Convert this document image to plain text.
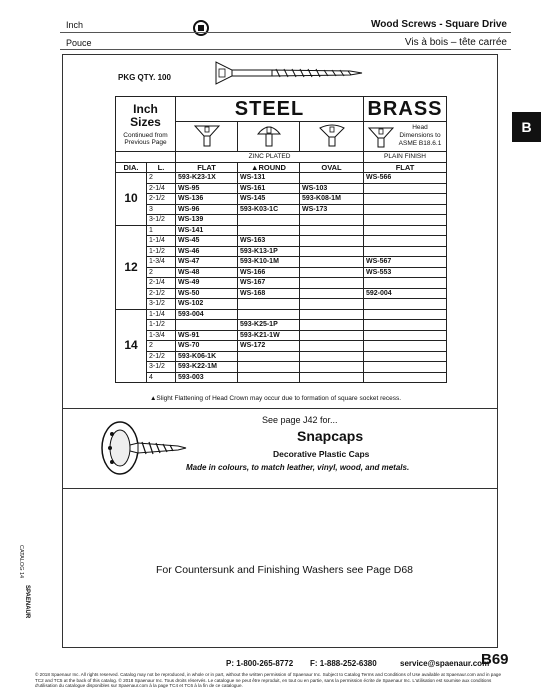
Inch
Pouce
Wood Screws - Square Drive
Vis à bois – tête carrée
B
PKG QTY. 100
Inch Sizes
Continued from Previous Page		STEEL			BRASS

Head Dimensions to ASME B18.6.1

		ZINC PLATED			PLAIN FINISH
DIA.	L.	FLAT	▲ROUND	OVAL	FLAT
10	2	593-K23-1X	WS-131		WS-566
	2-1/4	WS-95	WS-161	WS-103	
	2-1/2	WS-136	WS-145	593-K08-1M	
	3	WS-96	593-K03-1C	WS-173	
	3-1/2	WS-139			
12	1	WS-141			
	1-1/4	WS-45	WS-163		
	1-1/2	WS-46	593-K13-1P		
	1-3/4	WS-47	593-K10-1M		WS-567
	2	WS-48	WS-166		WS-553
	2-1/4	WS-49	WS-167		
	2-1/2	WS-50	WS-168		592-004
	3-1/2	WS-102			
14	1-1/4	593-004			
	1-1/2		593-K25-1P		
	1-3/4	WS-91	593-K21-1W		
	2	WS-70	WS-172		
	2-1/2	593-K06-1K			
	3-1/2	593-K22-1M			
	4	593-003			
▲Slight Flattening of Head Crown may occur due to formation of square socket recess.
See page J42 for...
Snapcaps
Decorative Plastic Caps
Made in colours, to match leather, vinyl, wood, and metals.
For Countersunk and Finishing Washers see Page D68
CATALOG 14
SPAENAUR
P: 1-800-265-8772 F: 1-888-252-6380	service@spaenaur.com
B69
© 2018 Spaenaur Inc. All rights reserved. Catalog may not be reproduced, in whole or in part, without the written permission of Spaenaur Inc. Subject to Catalog Terms and Conditions of Use available at Spaenaur.com and in page TC2 and TC5 at the back of this catalog. © 2018 Spaenaur Inc. Tous droits réservés. Le catalogue ne peut être reproduit, en tout ou en partie, sans la permission écrite de Spaenaur Inc. L'utilisation est soumise aux conditions d'utilisation du catalogue disponibles sur Spaenaur.com à la page TC4 et TC6 à la fin de ce catalogue.
